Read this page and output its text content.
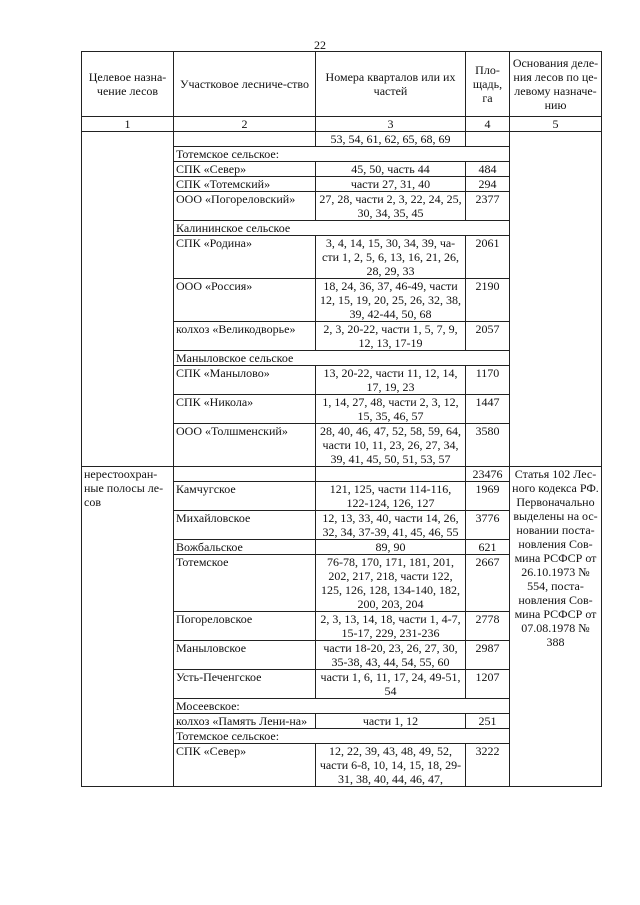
22
Целевое назна-чение лесов	Участковое лесниче-ство	Номера кварталов или их частей	Пло-щадь, га	Основания деле-ния лесов по це-левому назначе-нию
1	2	3	4	5
		53, 54, 61, 62, 65, 68, 69		
	Тотемское сельское:			
	СПК «Север»	45, 50, часть 44	484	
	СПК «Тотемский»	части 27, 31, 40	294	
	ООО «Погореловский»	27, 28, части 2, 3, 22, 24, 25, 30, 34, 35, 45	2377	
	Калининское сельское			
	СПК «Родина»	3, 4, 14, 15, 30, 34, 39, ча-сти 1, 2, 5, 6, 13, 16, 21, 26, 28, 29, 33	2061	
	ООО «Россия»	18, 24, 36, 37, 46-49, части 12, 15, 19, 20, 25, 26, 32, 38, 39, 42-44, 50, 68	2190	
	колхоз «Великодворье»	2, 3, 20-22, части 1, 5, 7, 9, 12, 13, 17-19	2057	
	Маныловское сельское			
	СПК «Манылово»	13, 20-22, части 11, 12, 14, 17, 19, 23	1170	
	СПК «Никола»	1, 14, 27, 48, части 2, 3, 12, 15, 35, 46, 57	1447	
	ООО «Толшменский»	28, 40, 46, 47, 52, 58, 59, 64, части 10, 11, 23, 26, 27, 34, 39, 41, 45, 50, 51, 53, 57	3580	
нерестоохран-ные полосы ле-сов			23476	Статья 102 Лес-ного кодекса РФ. Первоначально выделены на ос-новании поста-новления Сов-мина РСФСР от 26.10.1973 № 554, поста-новления Сов-мина РСФСР от 07.08.1978 № 388
	Камчугское	121, 125, части 114-116, 122-124, 126, 127	1969	
	Михайловское	12, 13, 33, 40, части 14, 26, 32, 34, 37-39, 41, 45, 46, 55	3776	
	Вожбальское	89, 90	621	
	Тотемское	76-78, 170, 171, 181, 201, 202, 217, 218, части 122, 125, 126, 128, 134-140, 182, 200, 203, 204	2667	
	Погореловское	2, 3, 13, 14, 18, части 1, 4-7, 15-17, 229, 231-236	2778	
	Маныловское	части 18-20, 23, 26, 27, 30, 35-38, 43, 44, 54, 55, 60	2987	
	Усть-Печенгское	части 1, 6, 11, 17, 24, 49-51, 54	1207	
	Мосеевское:			
	колхоз «Память Лени-на»	части 1, 12	251	
	Тотемское сельское:			
	СПК «Север»	12, 22, 39, 43, 48, 49, 52, части 6-8, 10, 14, 15, 18, 29-31, 38, 40, 44, 46, 47,	3222	
